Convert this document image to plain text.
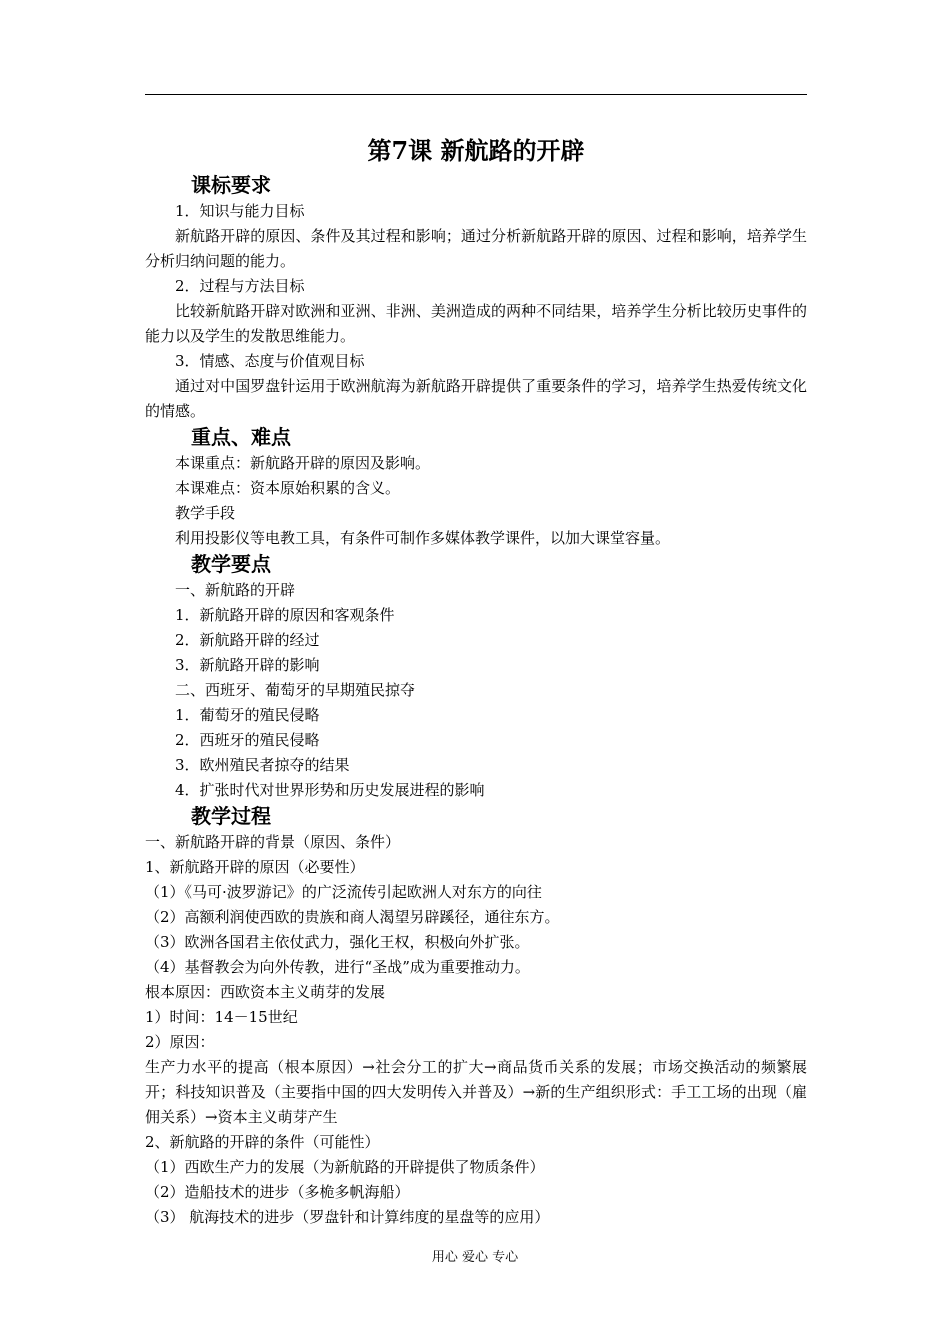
第7课 新航路的开辟
课标要求

1．知识与能力目标

新航路开辟的原因、条件及其过程和影响；通过分析新航路开辟的原因、过程和影响，培养学生分析归纳问题的能力。

2．过程与方法目标

比较新航路开辟对欧洲和亚洲、非洲、美洲造成的两种不同结果，培养学生分析比较历史事件的能力以及学生的发散思维能力。

3．情感、态度与价值观目标

通过对中国罗盘针运用于欧洲航海为新航路开辟提供了重要条件的学习，培养学生热爱传统文化的情感。

重点、难点

本课重点：新航路开辟的原因及影响。

本课难点：资本原始积累的含义。

教学手段

利用投影仪等电教工具，有条件可制作多媒体教学课件，以加大课堂容量。

教学要点

一、新航路的开辟

1．新航路开辟的原因和客观条件

2．新航路开辟的经过

3．新航路开辟的影响

二、西班牙、葡萄牙的早期殖民掠夺

1．葡萄牙的殖民侵略

2．西班牙的殖民侵略

3．欧州殖民者掠夺的结果

4．扩张时代对世界形势和历史发展进程的影响

教学过程

一、新航路开辟的背景（原因、条件）

1、新航路开辟的原因（必要性）

（1）《马可·波罗游记》的广泛流传引起欧洲人对东方的向往

（2）高额利润使西欧的贵族和商人渴望另辟蹊径，通往东方。

（3）欧洲各国君主依仗武力，强化王权，积极向外扩张。

（4）基督教会为向外传教，进行“圣战”成为重要推动力。

根本原因：西欧资本主义萌芽的发展

1）时间：14－15世纪

2）原因：

生产力水平的提高（根本原因）→社会分工的扩大→商品货币关系的发展；市场交换活动的频繁展开；科技知识普及（主要指中国的四大发明传入并普及）→新的生产组织形式：手工工场的出现（雇佣关系）→资本主义萌芽产生

2、新航路的开辟的条件（可能性）

（1）西欧生产力的发展（为新航路的开辟提供了物质条件）

（2）造船技术的进步（多桅多帆海船）

（3） 航海技术的进步（罗盘针和计算纬度的星盘等的应用）

用心 爱心 专心
